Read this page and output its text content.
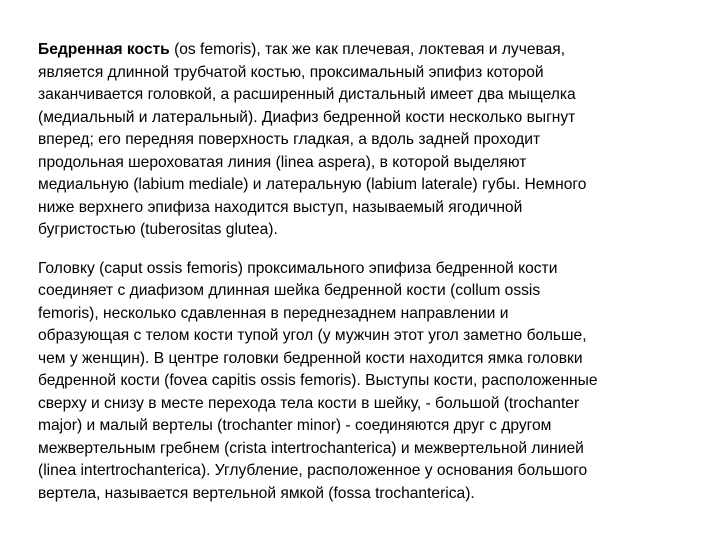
Бедренная кость (os femoris), так же как плечевая, локтевая и лучевая,
является длинной трубчатой костью, проксимальный эпифиз которой
заканчивается головкой, а расширенный дистальный имеет два мыщелка
(медиальный и латеральный). Диафиз бедренной кости несколько выгнут
вперед; его передняя поверхность гладкая, а вдоль задней проходит
продольная шероховатая линия (linea aspera), в которой выделяют
медиальную (labium mediale) и латеральную (labium laterale) губы. Немного
ниже верхнего эпифиза находится выступ, называемый ягодичной
бугристостью (tuberositas glutea).
Головку (caput ossis femoris) проксимального эпифиза бедренной кости
соединяет с диафизом длинная шейка бедренной кости (collum ossis
femoris), несколько сдавленная в переднезаднем направлении и
образующая с телом кости тупой угол (у мужчин этот угол заметно больше,
чем у женщин). В центре головки бедренной кости находится ямка головки
бедренной кости (fovea capitis ossis femoris). Выступы кости, расположенные
сверху и снизу в месте перехода тела кости в шейку, - большой (trochanter
major) и малый вертелы (trochanter minor) - соединяются друг с другом
межвертельным гребнем (crista intertrochanterica) и межвертельной линией
(linea intertrochanterica). Углубление, расположенное у основания большого
вертела, называется вертельной ямкой (fossa trochanterica).
